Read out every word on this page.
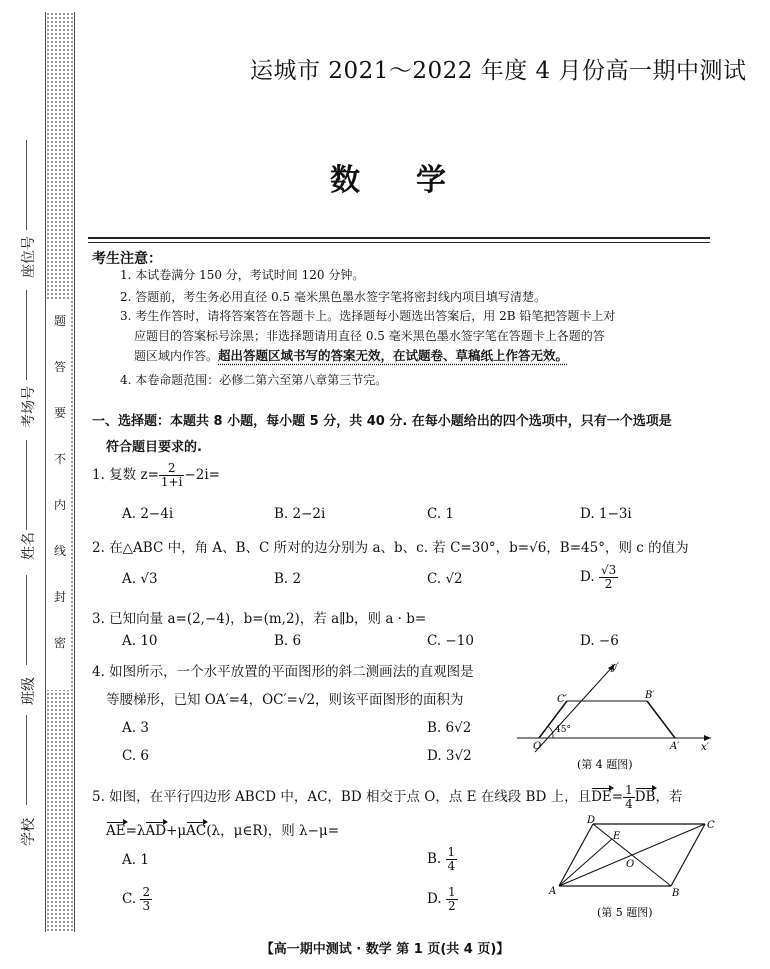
题
答
要
不
内
线
封
密
座位号
考场号
姓名
班级
学校
运城市 2021～2022 年度 4 月份高一期中测试
数学
考生注意：
1. 本试卷满分 150 分，考试时间 120 分钟。
2. 答题前，考生务必用直径 0.5 毫米黑色墨水签字笔将密封线内项目填写清楚。
3. 考生作答时，请将答案答在答题卡上。选择题每小题选出答案后，用 2B 铅笔把答题卡上对
应题目的答案标号涂黑；非选择题请用直径 0.5 毫米黑色墨水签字笔在答题卡上各题的答
题区域内作答。超出答题区域书写的答案无效，在试题卷、草稿纸上作答无效。
4. 本卷命题范围：必修二第六至第八章第三节完。
一、选择题：本题共 8 小题，每小题 5 分，共 40 分. 在每小题给出的四个选项中，只有一个选项是
符合题目要求的.
1. 复数 $z= \frac{2}{1+i} -2i=$
A. 2−4i	B. 2−2i	C. 1	D. 1−3i
2. 在△ABC 中，角 A、B、C 所对的边分别为 a、b、c. 若 C=30°，b=√6，B=45°，则 c 的值为
A. √3	B. 2	C. √2	D. $\frac{√3}{2}$
3. 已知向量 a=(2,−4)，b=(m,2)，若 a∥b，则 a · b=
A. 10	B. 6	C. −10	D. −6
4. 如图所示，一个水平放置的平面图形的斜二测画法的直观图是
等腰梯形，已知 OA′=4，OC′=√2，则该平面图形的面积为
A. 3	B. 6√2
C. 6	D. 3√2
y′
x′
C′	B′
O	A′
45°
(第 4 题图)
5. 如图，在平行四边形 ABCD 中，AC，BD 相交于点 O，点 E 在线段 BD 上，且$DE= \frac{1}{4}$ DB，若
AE=λAD+μAC(λ，μ∈R)，则 λ−μ=
A. 1	B. $\frac{1}{4}$
C. $\frac{2}{3}$	D. $\frac{1}{2}$	A	B
C
D
E
O
(第 5 题图)
【高一期中测试 · 数学 第 1 页(共 4 页)】
